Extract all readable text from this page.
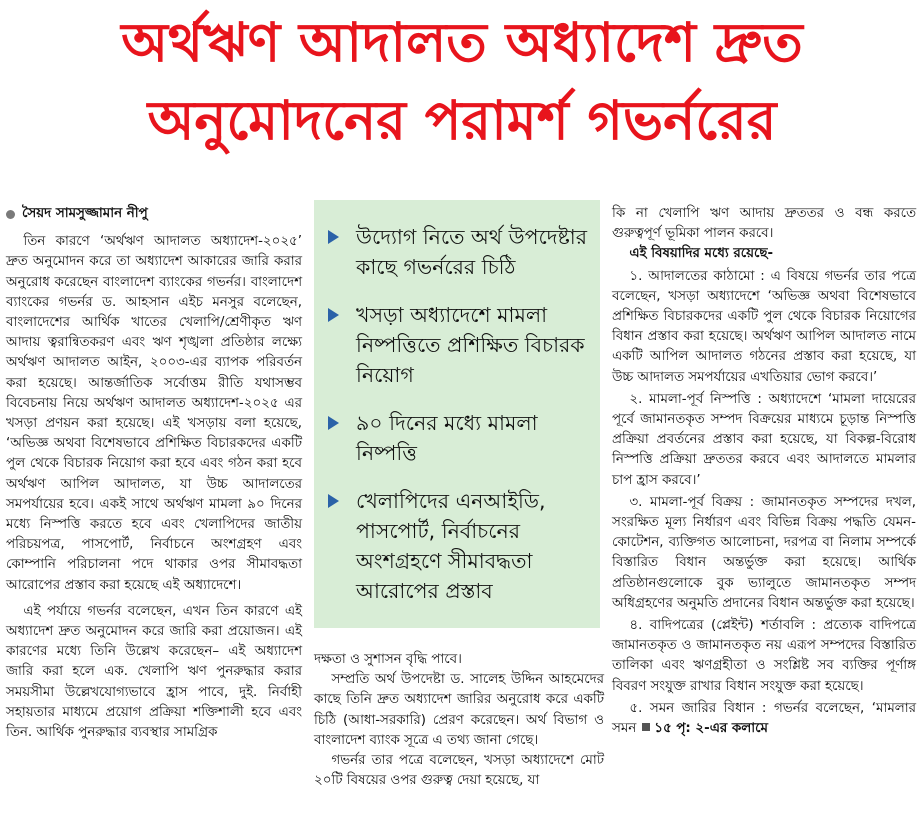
অর্থঋণ আদালত অধ্যাদেশ দ্রুত
অনুমোদনের পরামর্শ গভর্নরের
সৈয়দ সামসুজ্জামান নীপু

তিন কারণে ‘অর্থঋণ আদালত অধ্যাদেশ-২০২৫’ দ্রুত অনুমোদন করে তা অধ্যাদেশ আকারের জারি করার অনুরোধ করেছেন বাংলাদেশ ব্যাংকের গভর্নর। বাংলাদেশ ব্যাংকের গভর্নর ড. আহসান এইচ মনসুর বলেছেন, বাংলাদেশের আর্থিক খাতের খেলাপি/শ্রেণীকৃত ঋণ আদায় ত্বরান্বিতকরণ এবং ঋণ শৃঙ্খলা প্রতিষ্ঠার লক্ষ্যে অর্থঋণ আদালত আইন, ২০০৩-এর ব্যাপক পরিবর্তন করা হয়েছে। আন্তর্জাতিক সর্বোত্তম রীতি যথাসম্ভব বিবেচনায় নিয়ে অর্থঋণ আদালত অধ্যাদেশ-২০২৫ এর খসড়া প্রণয়ন করা হয়েছে। এই খসড়ায় বলা হয়েছে, ‘অভিজ্ঞ অথবা বিশেষভাবে প্রশিক্ষিত বিচারকদের একটি পুল থেকে বিচারক নিয়োগ করা হবে এবং গঠন করা হবে অর্থঋণ আপিল আদালত, যা উচ্চ আদালতের সমপর্যায়ের হবে। একই সাথে অর্থঋণ মামলা ৯০ দিনের মধ্যে নিস্পত্তি করতে হবে এবং খেলাপিদের জাতীয় পরিচয়পত্র, পাসপোর্ট, নির্বাচনে অংশগ্রহণ এবং কোম্পানি পরিচালনা পদে থাকার ওপর সীমাবদ্ধতা আরোপের প্রস্তাব করা হয়েছে এই অধ্যাদেশে।

এই পর্যায়ে গভর্নর বলেছেন, এখন তিন কারণে এই অধ্যাদেশ দ্রুত অনুমোদন করে জারি করা প্রয়োজন। এই কারণের মধ্যে তিনি উল্লেখ করেছেন– এই অধ্যাদেশ জারি করা হলে এক. খেলাপি ঋণ পুনরুদ্ধার করার সময়সীমা উল্লেখযোগ্যভাবে হ্রাস পাবে, দুই. নির্বাহী সহায়তার মাধ্যমে প্রয়োগ প্রক্রিয়া শক্তিশালী হবে এবং তিন. আর্থিক পুনরুদ্ধার ব্যবস্থার সামগ্রিক

উদ্যোগ নিতে অর্থ উপদেষ্টার কাছে গভর্নরের চিঠি
খসড়া অধ্যাদেশে মামলা নিষ্পত্তিতে প্রশিক্ষিত বিচারক নিয়োগ
৯০ দিনের মধ্যে মামলা নিষ্পত্তি
খেলাপিদের এনআইডি, পাসপোর্ট, নির্বাচনের অংশগ্রহণে সীমাবদ্ধতা আরোপের প্রস্তাব

দক্ষতা ও সুশাসন বৃদ্ধি পাবে।

সম্প্রতি অর্থ উপদেষ্টা ড. সালেহ উদ্দিন আহমেদের কাছে তিনি দ্রুত অধ্যাদেশ জারির অনুরোধ করে একটি চিঠি (আধা-সরকারি) প্রেরণ করেছেন। অর্থ বিভাগ ও বাংলাদেশ ব্যাংক সূত্রে এ তথ্য জানা গেছে।

গভর্নর তার পত্রে বলেছেন, খসড়া অধ্যাদেশে মোট ২০টি বিষয়ের ওপর গুরুত্ব দেয়া হয়েছে, যা

কি না খেলাপি ঋণ আদায় দ্রুততর ও বন্ধ করতে গুরুত্বপূর্ণ ভূমিকা পালন করবে।

এই বিষয়াদির মধ্যে রয়েছে-

১. আদালতের কাঠামো : এ বিষয়ে গভর্নর তার পত্রে বলেছেন, খসড়া অধ্যাদেশে ‘অভিজ্ঞ অথবা বিশেষভাবে প্রশিক্ষিত বিচারকদের একটি পুল থেকে বিচারক নিয়োগের বিধান প্রস্তাব করা হয়েছে। অর্থঋণ আপিল আদালত নামে একটি আপিল আদালত গঠনের প্রস্তাব করা হয়েছে, যা উচ্চ আদালত সমপর্যায়ের এখতিয়ার ভোগ করবে।’

২. মামলা-পূর্ব নিস্পত্তি : অধ্যাদেশে ‘মামলা দায়েরের পূর্বে জামানতকৃত সম্পদ বিক্রয়ের মাধ্যমে চূড়ান্ত নিস্পত্তি প্রক্রিয়া প্রবর্তনের প্রস্তাব করা হয়েছে, যা বিকল্প-বিরোধ নিস্পত্তি প্রক্রিয়া দ্রুততর করবে এবং আদালতে মামলার চাপ হ্রাস করবে।’

৩. মামলা-পূর্ব বিক্রয় : জামানতকৃত সম্পদের দখল, সংরক্ষিত মূল্য নির্ধারণ এবং বিভিন্ন বিক্রয় পদ্ধতি যেমন- কোটেশন, ব্যক্তিগত আলোচনা, দরপত্র বা নিলাম সম্পর্কে বিস্তারিত বিধান অন্তর্ভুক্ত করা হয়েছে। আর্থিক প্রতিষ্ঠানগুলোকে বুক ভ্যালুতে জামানতকৃত সম্পদ অধিগ্রহণের অনুমতি প্রদানের বিধান অন্তর্ভুক্ত করা হয়েছে।

৪. বাদিপত্রের (প্লেইন্ট) শর্তাবলি : প্রত্যেক বাদিপত্রে জামানতকৃত ও জামানতকৃত নয় এরূপ সম্পদের বিস্তারিত তালিকা এবং ঋণগ্রহীতা ও সংশ্লিষ্ট সব ব্যক্তির পূর্ণাঙ্গ বিবরণ সংযুক্ত রাখার বিধান সংযুক্ত করা হয়েছে।

৫. সমন জারির বিধান : গভর্নর বলেছেন, ‘মামলার সমন ১৫ পৃ: ২-এর কলামে
